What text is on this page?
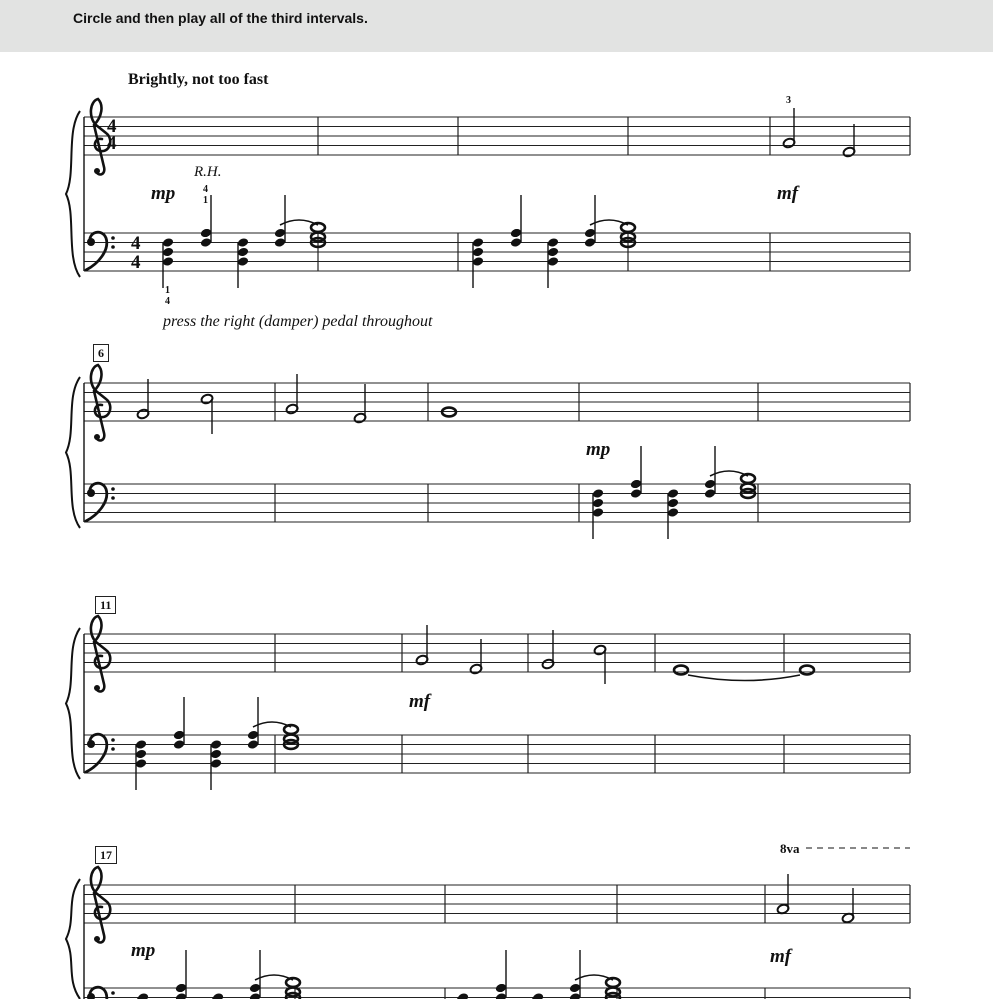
Circle and then play all of the third intervals.
Brightly, not too fast
press the right (damper) pedal throughout
6
11
17
mp	mf
mp
mf
mp	mf
R.H.
4
1
1
4
3
8va
4
4
4
4
